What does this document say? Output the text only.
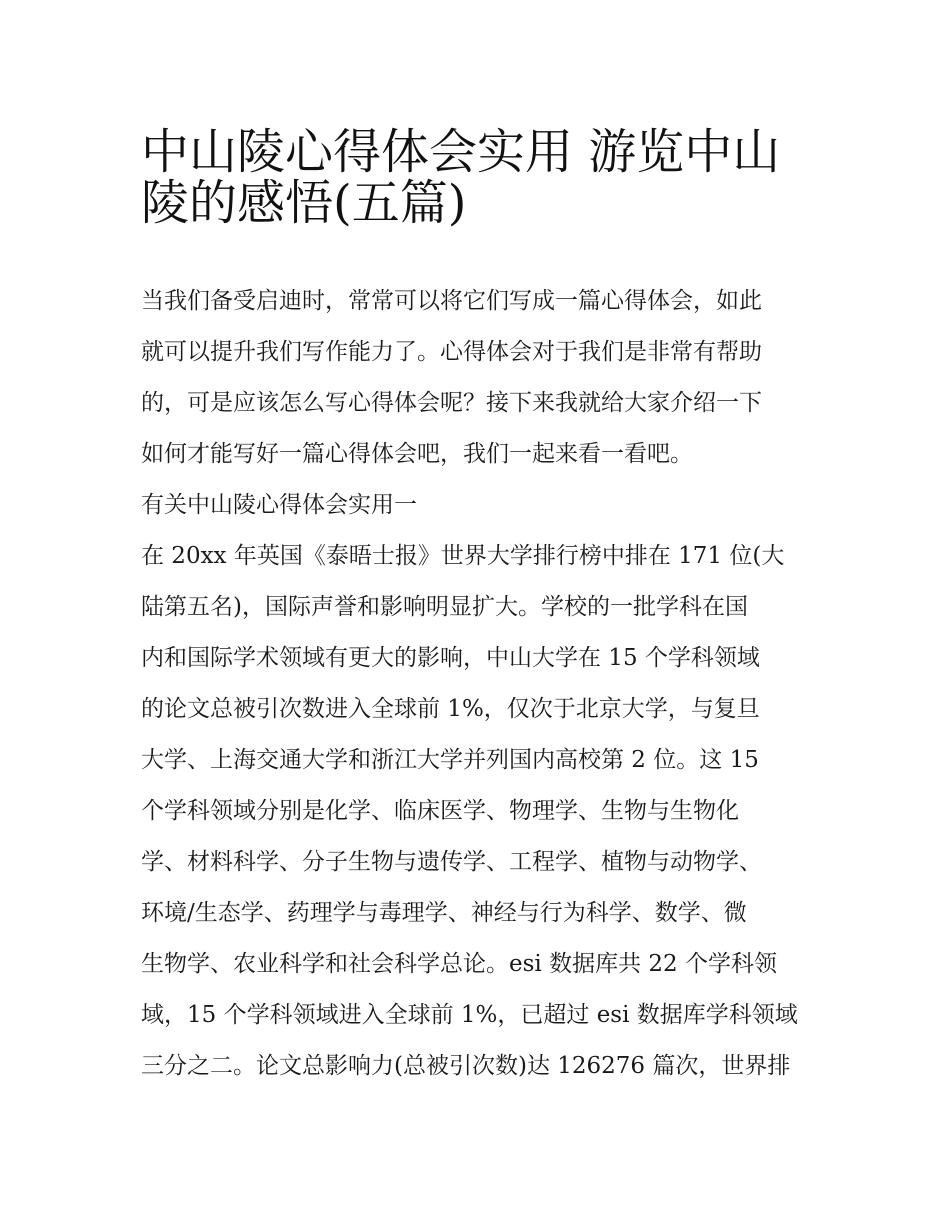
中山陵心得体会实用 游览中山
陵的感悟(五篇)

当我们备受启迪时，常常可以将它们写成一篇心得体会，如此
就可以提升我们写作能力了。心得体会对于我们是非常有帮助
的，可是应该怎么写心得体会呢？接下来我就给大家介绍一下
如何才能写好一篇心得体会吧，我们一起来看一看吧。

有关中山陵心得体会实用一

在 20xx 年英国《泰晤士报》世界大学排行榜中排在 171 位(大
陆第五名)，国际声誉和影响明显扩大。学校的一批学科在国
内和国际学术领域有更大的影响，中山大学在 15 个学科领域
的论文总被引次数进入全球前 1%，仅次于北京大学，与复旦
大学、上海交通大学和浙江大学并列国内高校第 2 位。这 15
个学科领域分别是化学、临床医学、物理学、生物与生物化
学、材料科学、分子生物与遗传学、工程学、植物与动物学、
环境/生态学、药理学与毒理学、神经与行为科学、数学、微
生物学、农业科学和社会科学总论。esi 数据库共 22 个学科领
域，15 个学科领域进入全球前 1%，已超过 esi 数据库学科领域
三分之二。论文总影响力(总被引次数)达 126276 篇次，世界排
